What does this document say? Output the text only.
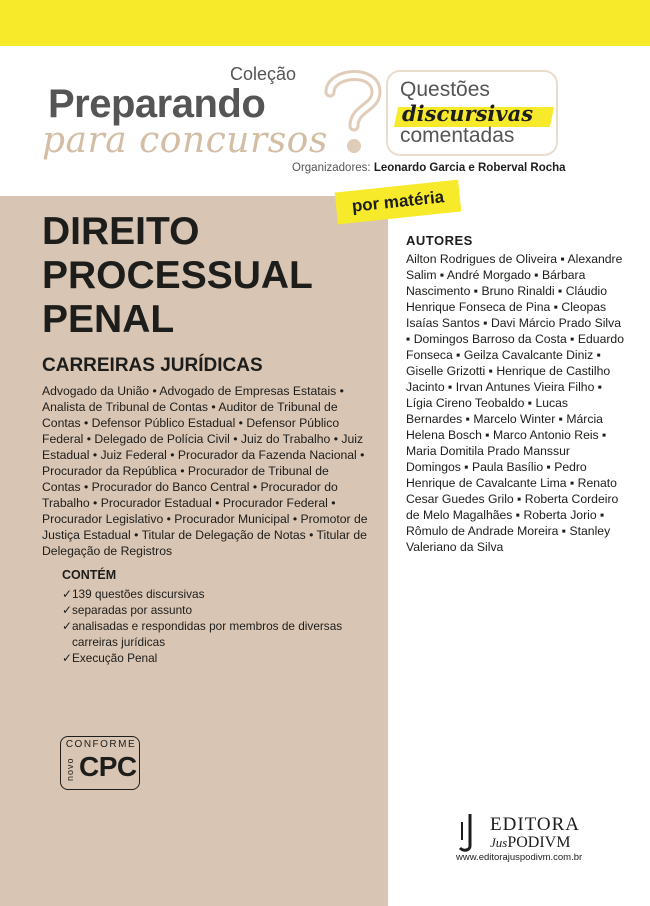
Coleção
Preparando
para concursos
Questões
discursivas
comentadas
Organizadores: Leonardo Garcia e Roberval Rocha
por matéria
DIREITO
PROCESSUAL
PENAL
CARREIRAS JURÍDICAS
Advogado da União • Advogado de Empresas Estatais • Analista de Tribunal de Contas • Auditor de Tribunal de Contas • Defensor Público Estadual • Defensor Público Federal • Delegado de Polícia Civil • Juiz do Trabalho • Juiz Estadual • Juiz Federal • Procurador da Fazenda Nacional • Procurador da República • Procurador de Tribunal de Contas • Procurador do Banco Central • Procurador do Trabalho • Procurador Estadual • Procurador Federal • Procurador Legislativo • Procurador Municipal • Promotor de Justiça Estadual • Titular de Delegação de Notas • Titular de Delegação de Registros
CONTÉM
✓ 139 questões discursivas
✓ separadas por assunto
✓ analisadas e respondidas por membros de diversas carreiras jurídicas
✓ Execução Penal
CONFORME
novo CPC
AUTORES
Ailton Rodrigues de Oliveira ▪ Alexandre Salim ▪ André Morgado ▪ Bárbara Nascimento ▪ Bruno Rinaldi ▪ Cláudio Henrique Fonseca de Pina ▪ Cleopas Isaías Santos ▪ Davi Márcio Prado Silva ▪ Domingos Barroso da Costa ▪ Eduardo Fonseca ▪ Geilza Cavalcante Diniz ▪ Giselle Grizotti ▪ Henrique de Castilho Jacinto ▪ Irvan Antunes Vieira Filho ▪ Lígia Cireno Teobaldo ▪ Lucas Bernardes ▪ Marcelo Winter ▪ Márcia Helena Bosch ▪ Marco Antonio Reis ▪ Maria Domitila Prado Manssur Domingos ▪ Paula Basílio ▪ Pedro Henrique de Cavalcante Lima ▪ Renato Cesar Guedes Grilo ▪ Roberta Cordeiro de Melo Magalhães ▪ Roberta Jorio ▪ Rômulo de Andrade Moreira ▪ Stanley Valeriano da Silva
EDITORA
JusPODIVM
www.editorajuspodivm.com.br
